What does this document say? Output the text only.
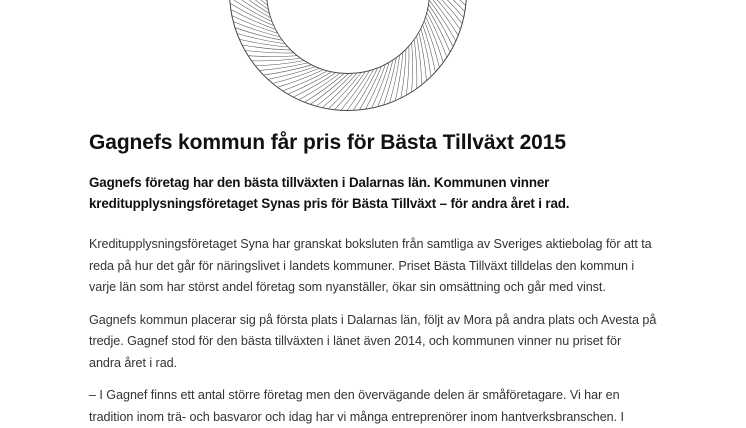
Gagnefs kommun får pris för Bästa Tillväxt 2015

Gagnefs företag har den bästa tillväxten i Dalarnas län. Kommunen vinner
kreditupplysningsföretaget Synas pris för Bästa Tillväxt – för andra året i rad.

Kreditupplysningsföretaget Syna har granskat boksluten från samtliga av Sveriges aktiebolag för att ta
reda på hur det går för näringslivet i landets kommuner. Priset Bästa Tillväxt tilldelas den kommun i
varje län som har störst andel företag som nyanställer, ökar sin omsättning och går med vinst.

Gagnefs kommun placerar sig på första plats i Dalarnas län, följt av Mora på andra plats och Avesta på
tredje. Gagnef stod för den bästa tillväxten i länet även 2014, och kommunen vinner nu priset för
andra året i rad.

– I Gagnef finns ett antal större företag men den övervägande delen är småföretagare. Vi har en
tradition inom trä- och basvaror och idag har vi många entreprenörer inom hantverksbranschen. I
